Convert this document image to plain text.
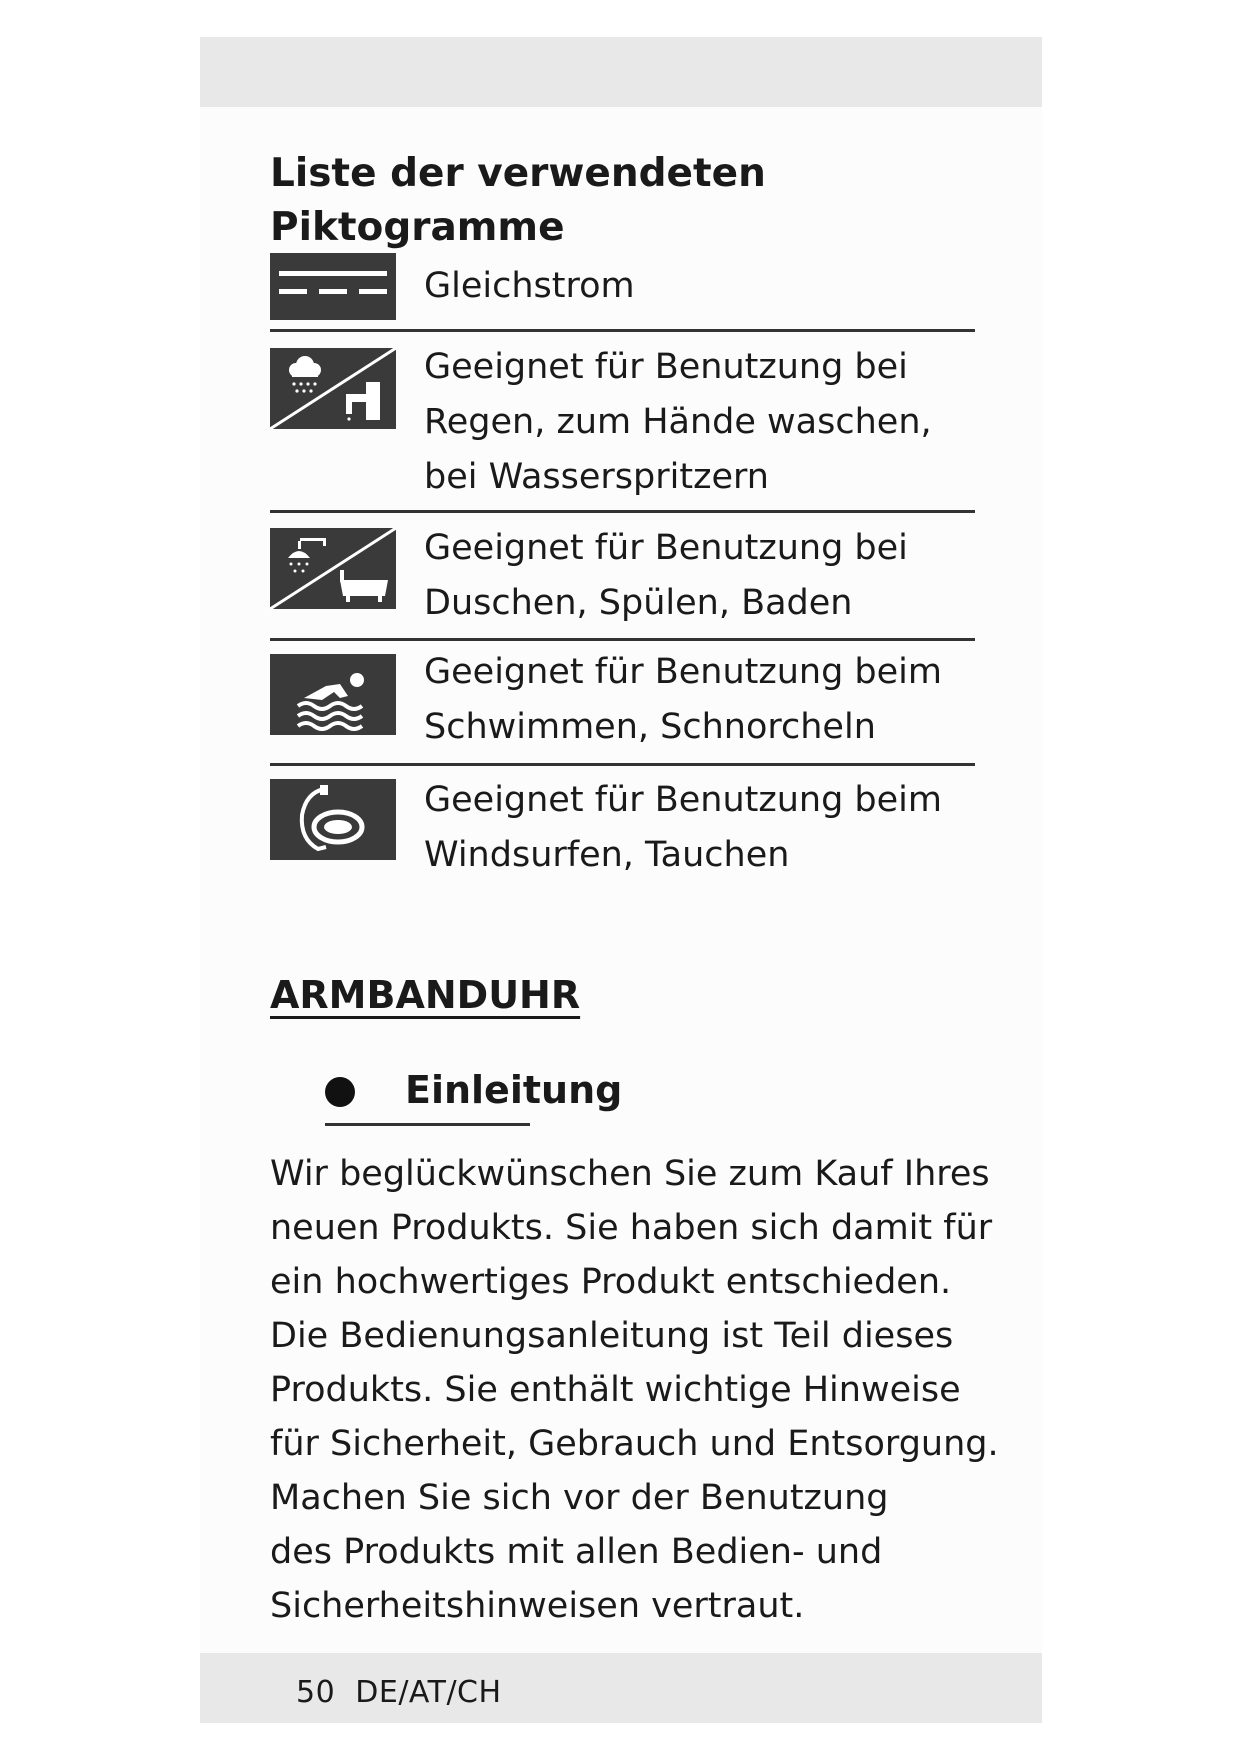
Liste der verwendeten
Piktogramme
Gleichstrom
Geeignet für Benutzung bei
Regen, zum Hände waschen,
bei Wasserspritzern
Geeignet für Benutzung bei
Duschen, Spülen, Baden
Geeignet für Benutzung beim
Schwimmen, Schnorcheln
Geeignet für Benutzung beim
Windsurfen, Tauchen
ARMBANDUHR
Einleitung
Wir beglückwünschen Sie zum Kauf Ihres
neuen Produkts. Sie haben sich damit für
ein hochwertiges Produkt entschieden.
Die Bedienungsanleitung ist Teil dieses
Produkts. Sie enthält wichtige Hinweise
für Sicherheit, Gebrauch und Entsorgung.
Machen Sie sich vor der Benutzung
des Produkts mit allen Bedien- und
Sicherheitshinweisen vertraut.
50 DE/AT/CH
